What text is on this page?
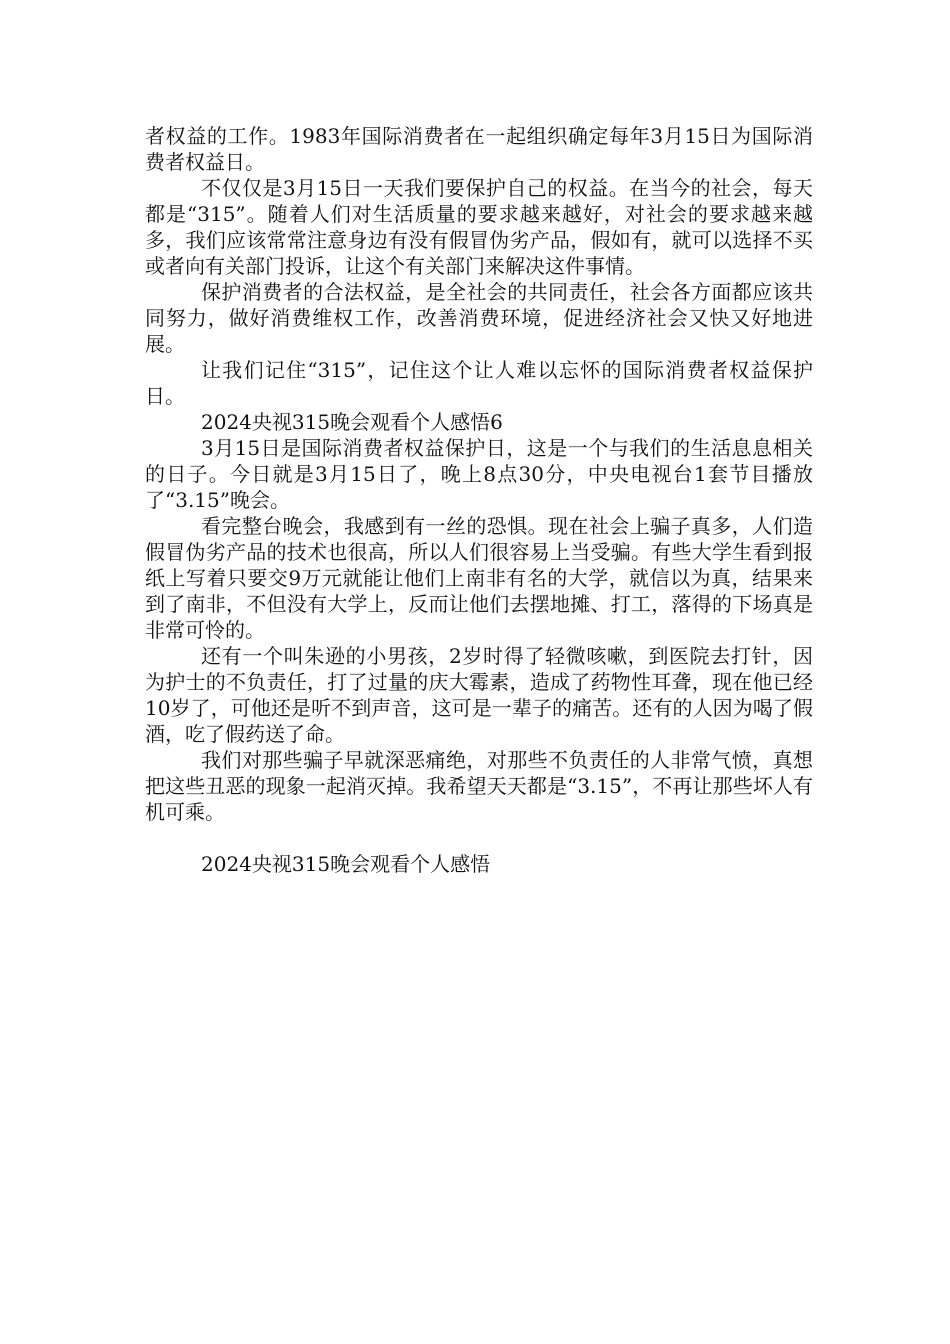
者权益的工作。1983年国际消费者在一起组织确定每年3月15日为国际消费者权益日。

不仅仅是3月15日一天我们要保护自己的权益。在当今的社会，每天都是“315”。随着人们对生活质量的要求越来越好，对社会的要求越来越多，我们应该常常注意身边有没有假冒伪劣产品，假如有，就可以选择不买或者向有关部门投诉，让这个有关部门来解决这件事情。

保护消费者的合法权益，是全社会的共同责任，社会各方面都应该共同努力，做好消费维权工作，改善消费环境，促进经济社会又快又好地进展。

让我们记住“315”，记住这个让人难以忘怀的国际消费者权益保护日。

2024央视315晚会观看个人感悟6

3月15日是国际消费者权益保护日，这是一个与我们的生活息息相关的日子。今日就是3月15日了，晚上8点30分，中央电视台1套节目播放了“3.15”晚会。

看完整台晚会，我感到有一丝的恐惧。现在社会上骗子真多，人们造假冒伪劣产品的技术也很高，所以人们很容易上当受骗。有些大学生看到报纸上写着只要交9万元就能让他们上南非有名的大学，就信以为真，结果来到了南非，不但没有大学上，反而让他们去摆地摊、打工，落得的下场真是非常可怜的。

还有一个叫朱逊的小男孩，2岁时得了轻微咳嗽，到医院去打针，因为护士的不负责任，打了过量的庆大霉素，造成了药物性耳聋，现在他已经10岁了，可他还是听不到声音，这可是一辈子的痛苦。还有的人因为喝了假酒，吃了假药送了命。

我们对那些骗子早就深恶痛绝，对那些不负责任的人非常气愤，真想把这些丑恶的现象一起消灭掉。我希望天天都是“3.15”，不再让那些坏人有机可乘。

2024央视315晚会观看个人感悟
